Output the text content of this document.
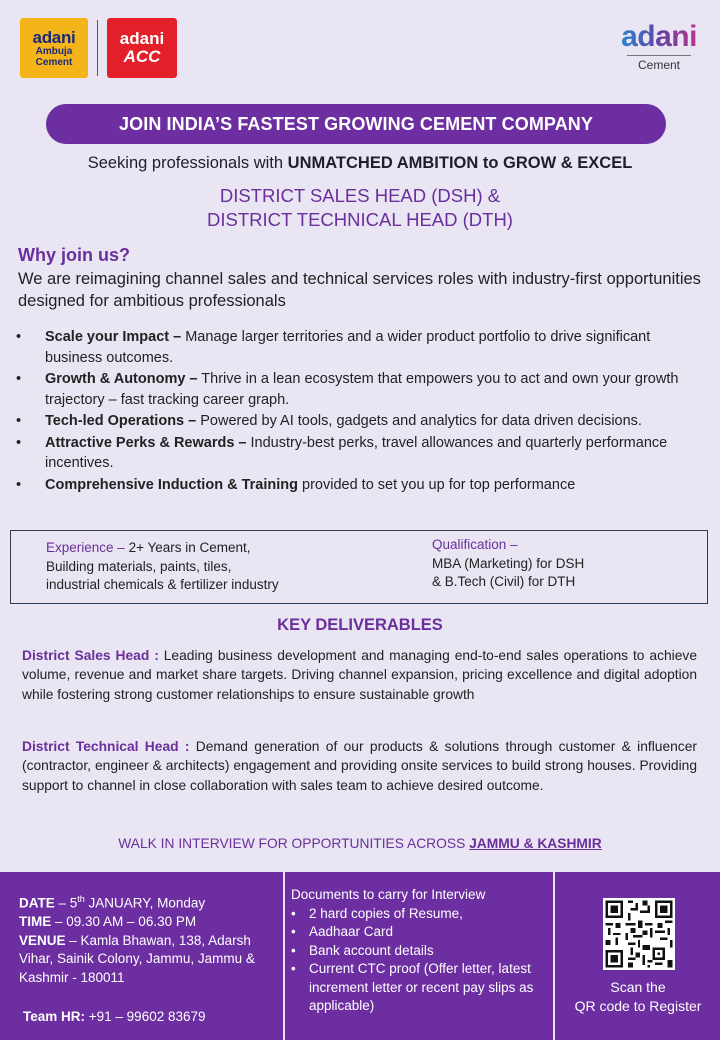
adani
Ambuja
Cement
adani
ACC
adani
Cement
JOIN INDIA’S FASTEST GROWING CEMENT COMPANY
Seeking professionals with UNMATCHED AMBITION to GROW & EXCEL
DISTRICT SALES HEAD (DSH) &
DISTRICT TECHNICAL HEAD (DTH)
Why join us?
We are reimagining channel sales and technical services roles with industry-first opportunities designed for ambitious professionals
• Scale your Impact – Manage larger territories and a wider product portfolio to drive significant business outcomes.
• Growth & Autonomy – Thrive in a lean ecosystem that empowers you to act and own your growth trajectory – fast tracking career graph.
• Tech-led Operations – Powered by AI tools, gadgets and analytics for data driven decisions.
• Attractive Perks & Rewards – Industry-best perks, travel allowances and quarterly performance incentives.
• Comprehensive Induction & Training provided to set you up for top performance
Experience – 2+ Years in Cement,
Building materials, paints, tiles,
industrial chemicals & fertilizer industry
Qualification –
MBA (Marketing) for DSH
& B.Tech (Civil) for DTH
KEY DELIVERABLES
District Sales Head : Leading business development and managing end-to-end sales operations to achieve volume, revenue and market share targets. Driving channel expansion, pricing excellence and digital adoption while fostering strong customer relationships to ensure sustainable growth
District Technical Head : Demand generation of our products & solutions through customer & influencer (contractor, engineer & architects) engagement and providing onsite services to build strong houses. Providing support to channel in close collaboration with sales team to achieve desired outcome.
WALK IN INTERVIEW FOR OPPORTUNITIES ACROSS JAMMU & KASHMIR
DATE – 5th JANUARY, Monday
TIME – 09.30 AM – 06.30 PM
VENUE – Kamla Bhawan, 138, Adarsh Vihar, Sainik Colony, Jammu, Jammu & Kashmir - 180011
Team HR: +91 – 99602 83679
Documents to carry for Interview
• 2 hard copies of Resume,
• Aadhaar Card
• Bank account details
• Current CTC proof (Offer letter, latest increment letter or recent pay slips as applicable)
Scan the
QR code to Register
